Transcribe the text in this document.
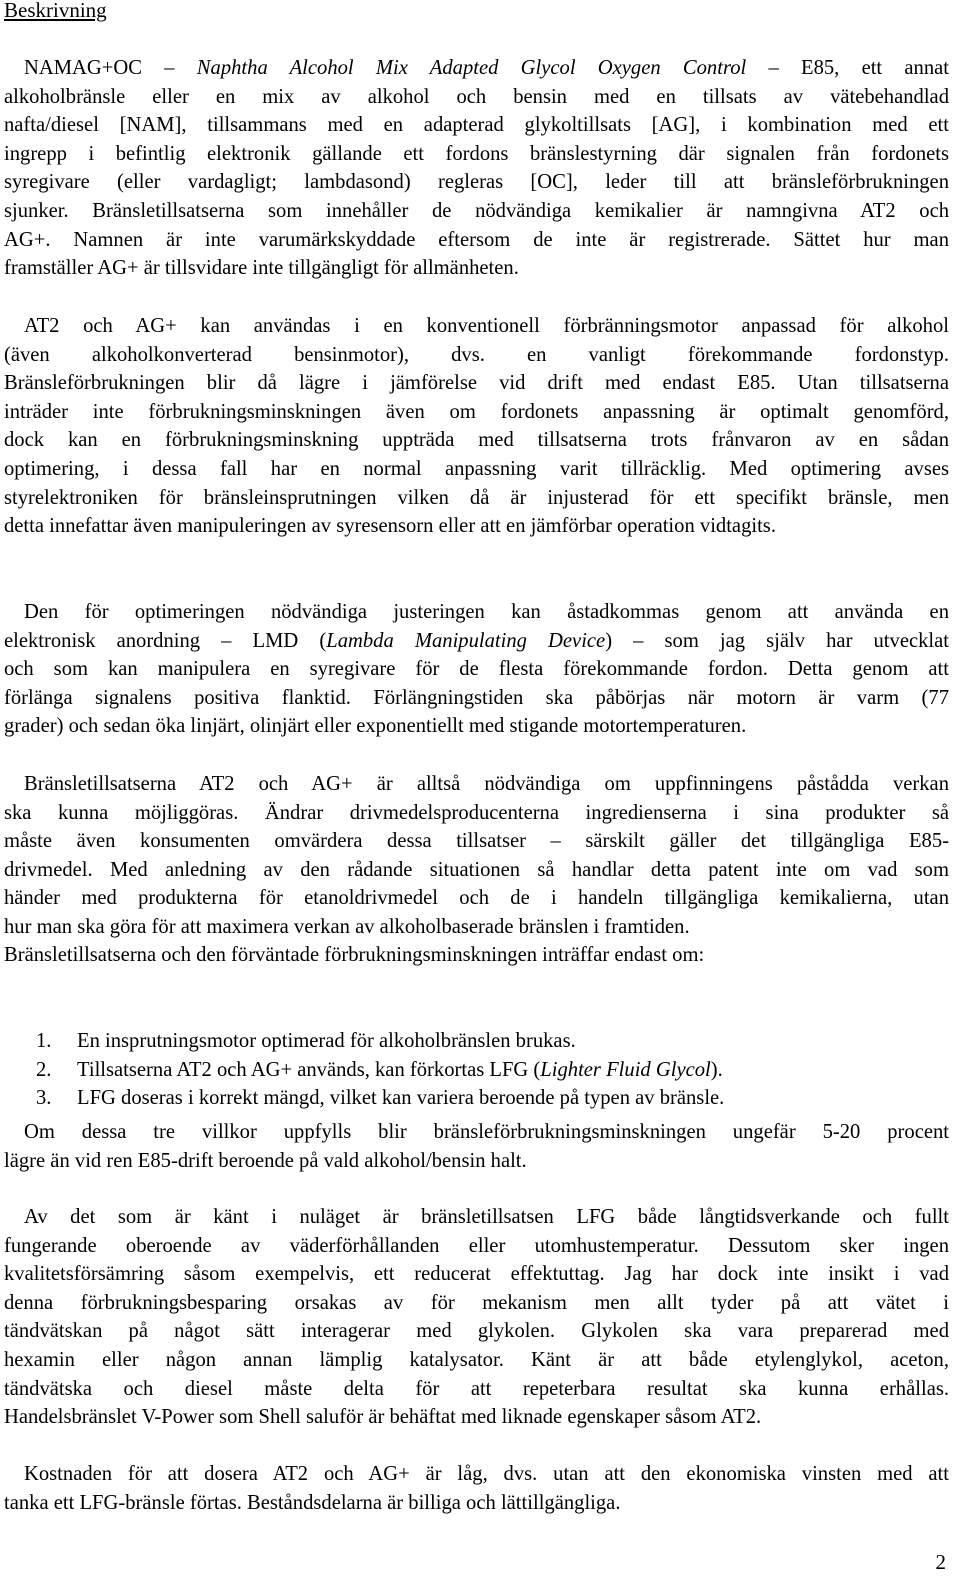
Beskrivning
NAMAG+OC – Naphtha Alcohol Mix Adapted Glycol Oxygen Control – E85, ett annat
alkoholbränsle eller en mix av alkohol och bensin med en tillsats av vätebehandlad
nafta/diesel [NAM], tillsammans med en adapterad glykoltillsats [AG], i kombination med ett
ingrepp i befintlig elektronik gällande ett fordons bränslestyrning där signalen från fordonets
syregivare (eller vardagligt; lambdasond) regleras [OC], leder till att bränsleförbrukningen
sjunker. Bränsletillsatserna som innehåller de nödvändiga kemikalier är namngivna AT2 och
AG+. Namnen är inte varumärkskyddade eftersom de inte är registrerade. Sättet hur man
framställer AG+ är tillsvidare inte tillgängligt för allmänheten.
AT2 och AG+ kan användas i en konventionell förbränningsmotor anpassad för alkohol
(även alkoholkonverterad bensinmotor), dvs. en vanligt förekommande fordonstyp.
Bränsleförbrukningen blir då lägre i jämförelse vid drift med endast E85. Utan tillsatserna
inträder inte förbrukningsminskningen även om fordonets anpassning är optimalt genomförd,
dock kan en förbrukningsminskning uppträda med tillsatserna trots frånvaron av en sådan
optimering, i dessa fall har en normal anpassning varit tillräcklig. Med optimering avses
styrelektroniken för bränsleinsprutningen vilken då är injusterad för ett specifikt bränsle, men
detta innefattar även manipuleringen av syresensorn eller att en jämförbar operation vidtagits.
Den för optimeringen nödvändiga justeringen kan åstadkommas genom att använda en
elektronisk anordning – LMD (Lambda Manipulating Device) – som jag själv har utvecklat
och som kan manipulera en syregivare för de flesta förekommande fordon. Detta genom att
förlänga signalens positiva flanktid. Förlängningstiden ska påbörjas när motorn är varm (77
grader) och sedan öka linjärt, olinjärt eller exponentiellt med stigande motortemperaturen.
Bränsletillsatserna AT2 och AG+ är alltså nödvändiga om uppfinningens påstådda verkan
ska kunna möjliggöras. Ändrar drivmedelsproducenterna ingredienserna i sina produkter så
måste även konsumenten omvärdera dessa tillsatser – särskilt gäller det tillgängliga E85-
drivmedel. Med anledning av den rådande situationen så handlar detta patent inte om vad som
händer med produkterna för etanoldrivmedel och de i handeln tillgängliga kemikalierna, utan
hur man ska göra för att maximera verkan av alkoholbaserade bränslen i framtiden.
Bränsletillsatserna och den förväntade förbrukningsminskningen inträffar endast om:
1. En insprutningsmotor optimerad för alkoholbränslen brukas.
2. Tillsatserna AT2 och AG+ används, kan förkortas LFG (Lighter Fluid Glycol).
3. LFG doseras i korrekt mängd, vilket kan variera beroende på typen av bränsle.
Om dessa tre villkor uppfylls blir bränsleförbrukningsminskningen ungefär 5-20 procent
lägre än vid ren E85-drift beroende på vald alkohol/bensin halt.
Av det som är känt i nuläget är bränsletillsatsen LFG både långtidsverkande och fullt
fungerande oberoende av väderförhållanden eller utomhustemperatur. Dessutom sker ingen
kvalitetsförsämring såsom exempelvis, ett reducerat effektuttag. Jag har dock inte insikt i vad
denna förbrukningsbesparing orsakas av för mekanism men allt tyder på att vätet i
tändvätskan på något sätt interagerar med glykolen. Glykolen ska vara preparerad med
hexamin eller någon annan lämplig katalysator. Känt är att både etylenglykol, aceton,
tändvätska och diesel måste delta för att repeterbara resultat ska kunna erhållas.
Handelsbränslet V-Power som Shell saluför är behäftat med liknade egenskaper såsom AT2.
Kostnaden för att dosera AT2 och AG+ är låg, dvs. utan att den ekonomiska vinsten med att
tanka ett LFG-bränsle förtas. Beståndsdelarna är billiga och lättillgängliga.
2
